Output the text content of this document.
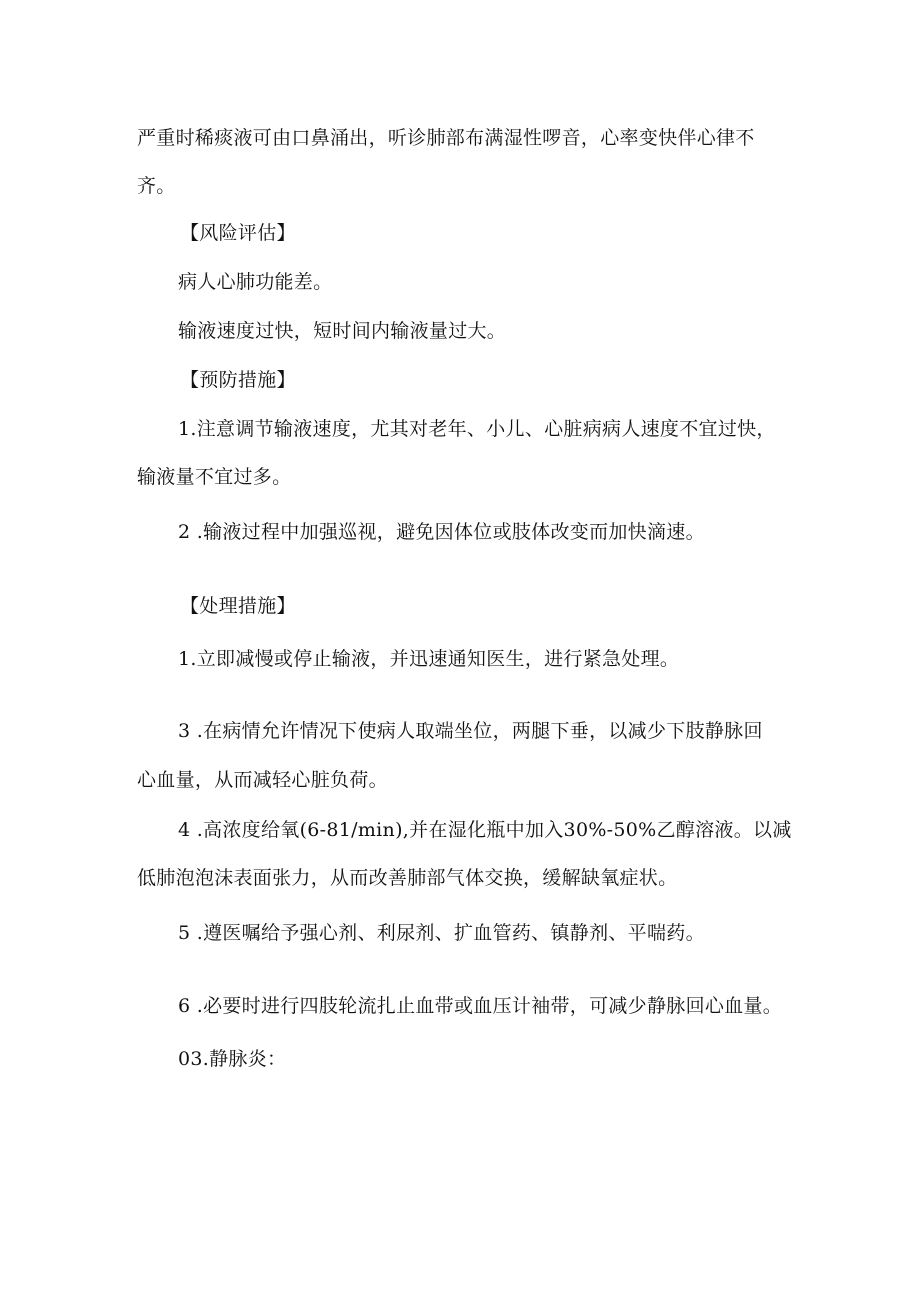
严重时稀痰液可由口鼻涌出，听诊肺部布满湿性啰音，心率变快伴心律不
齐。
【风险评估】
病人心肺功能差。
输液速度过快，短时间内输液量过大。
【预防措施】
1.注意调节输液速度，尤其对老年、小儿、心脏病病人速度不宜过快，
输液量不宜过多。
2 .输液过程中加强巡视，避免因体位或肢体改变而加快滴速。
【处理措施】
1.立即减慢或停止输液，并迅速通知医生，进行紧急处理。
3 .在病情允许情况下使病人取端坐位，两腿下垂，以减少下肢静脉回
心血量，从而减轻心脏负荷。
4 .高浓度给氧(6-81∕min),并在湿化瓶中加入30%-50%乙醇溶液。以减
低肺泡泡沫表面张力，从而改善肺部气体交换，缓解缺氧症状。
5 .遵医嘱给予强心剂、利尿剂、扩血管药、镇静剂、平喘药。
6 .必要时进行四肢轮流扎止血带或血压计袖带，可减少静脉回心血量。
03.静脉炎：
